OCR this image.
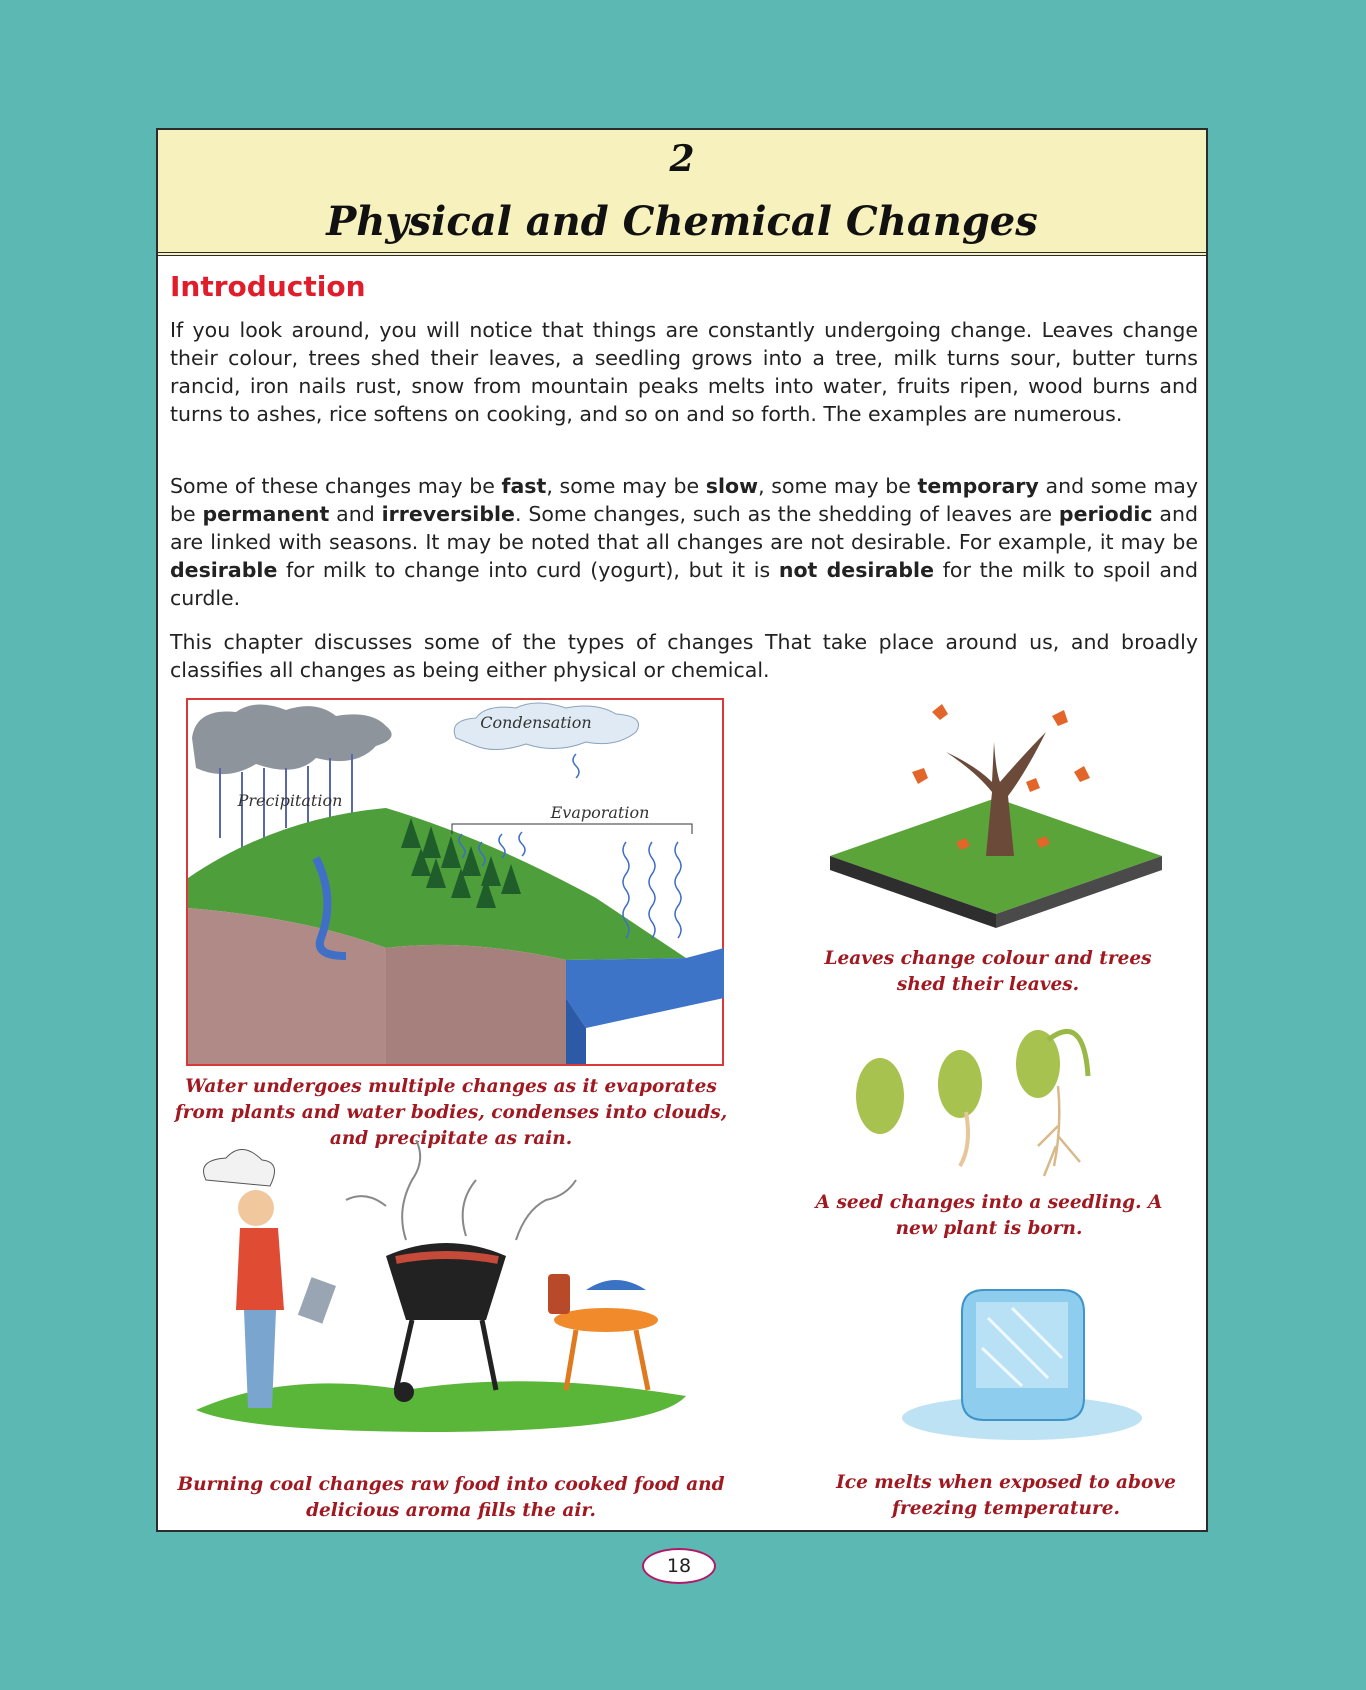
2
Physical and Chemical Changes
Introduction

If you look around, you will notice that things are constantly undergoing change. Leaves change their colour, trees shed their leaves, a seedling grows into a tree, milk turns sour, butter turns rancid, iron nails rust, snow from mountain peaks melts into water, fruits ripen, wood burns and turns to ashes, rice softens on cooking, and so on and so forth. The examples are numerous.

Some of these changes may be fast, some may be slow, some may be temporary and some may be permanent and irreversible. Some changes, such as the shedding of leaves are periodic and are linked with seasons. It may be noted that all changes are not desirable. For example, it may be desirable for milk to change into curd (yogurt), but it is not desirable for the milk to spoil and curdle.

This chapter discusses some of the types of changes That take place around us, and broadly classifies all changes as being either physical or chemical.

Condensation
Precipitation
Evaporation

Water undergoes multiple changes as it evaporates from plants and water bodies, condenses into clouds, and precipitate as rain.

Leaves change colour and trees shed their leaves.

A seed changes into a seedling. A new plant is born.

Burning coal changes raw food into cooked food and delicious aroma fills the air.

Ice melts when exposed to above freezing temperature.

18
